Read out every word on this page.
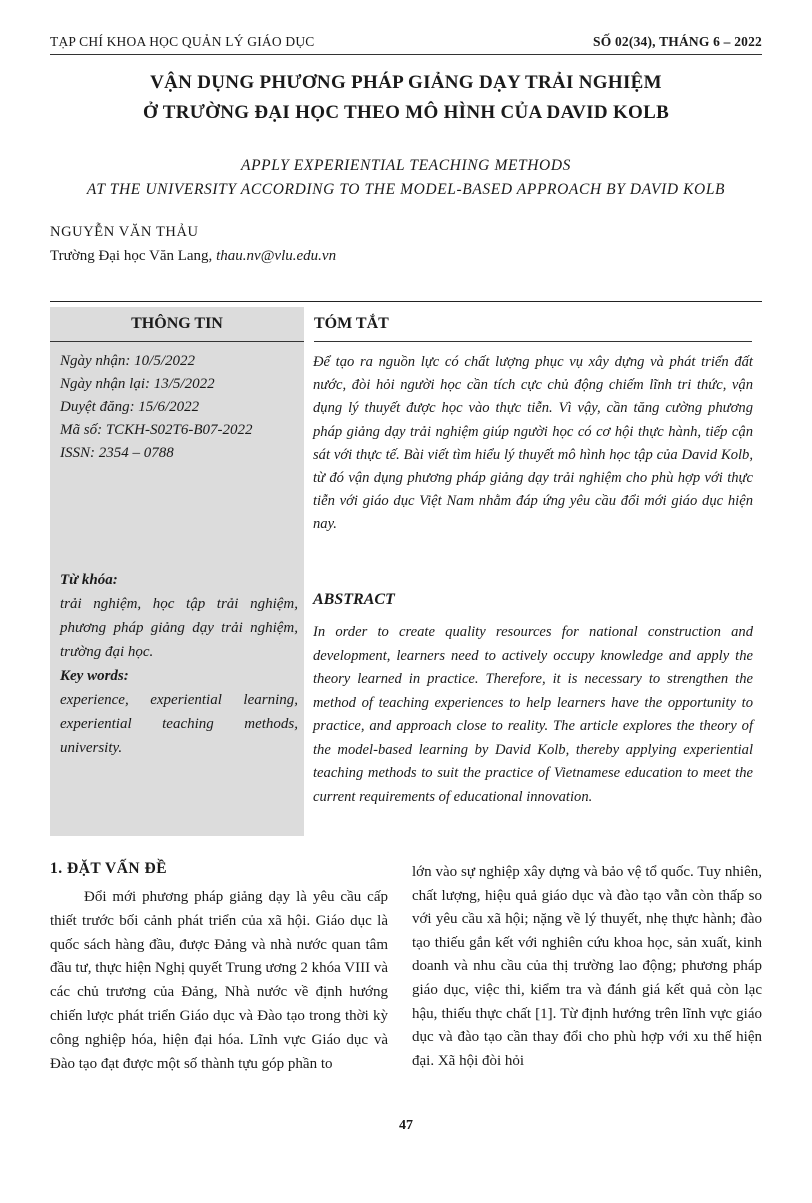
TẠP CHÍ KHOA HỌC QUẢN LÝ GIÁO DỤC	SỐ 02(34), THÁNG 6 – 2022
VẬN DỤNG PHƯƠNG PHÁP GIẢNG DẠY TRẢI NGHIỆM
Ở TRƯỜNG ĐẠI HỌC THEO MÔ HÌNH CỦA DAVID KOLB
APPLY EXPERIENTIAL TEACHING METHODS
AT THE UNIVERSITY ACCORDING TO THE MODEL-BASED APPROACH BY DAVID KOLB
NGUYỄN VĂN THẢU
Trường Đại học Văn Lang, thau.nv@vlu.edu.vn
THÔNG TIN	TÓM TẮT
Ngày nhận: 10/5/2022
Ngày nhận lại: 13/5/2022
Duyệt đăng: 15/6/2022
Mã số: TCKH-S02T6-B07-2022
ISSN: 2354 – 0788
Từ khóa:
trải nghiệm, học tập trải nghiệm, phương pháp giảng dạy trải nghiệm, trường đại học.
Key words:
experience, experiential learning, experiential teaching methods, university.
Để tạo ra nguồn lực có chất lượng phục vụ xây dựng và phát triển đất nước, đòi hỏi người học cần tích cực chủ động chiếm lĩnh tri thức, vận dụng lý thuyết được học vào thực tiễn. Vì vậy, cần tăng cường phương pháp giảng dạy trải nghiệm giúp người học có cơ hội thực hành, tiếp cận sát với thực tế. Bài viết tìm hiểu lý thuyết mô hình học tập của David Kolb, từ đó vận dụng phương pháp giảng dạy trải nghiệm cho phù hợp với thực tiễn với giáo dục Việt Nam nhằm đáp ứng yêu cầu đổi mới giáo dục hiện nay.
ABSTRACT
In order to create quality resources for national construction and development, learners need to actively occupy knowledge and apply the theory learned in practice. Therefore, it is necessary to strengthen the method of teaching experiences to help learners have the opportunity to practice, and approach close to reality. The article explores the theory of the model-based learning by David Kolb, thereby applying experiential teaching methods to suit the practice of Vietnamese education to meet the current requirements of educational innovation.
1. ĐẶT VẤN ĐỀ

Đổi mới phương pháp giảng dạy là yêu cầu cấp thiết trước bối cảnh phát triển của xã hội. Giáo dục là quốc sách hàng đầu, được Đảng và nhà nước quan tâm đầu tư, thực hiện Nghị quyết Trung ương 2 khóa VIII và các chủ trương của Đảng, Nhà nước về định hướng chiến lược phát triển Giáo dục và Đào tạo trong thời kỳ công nghiệp hóa, hiện đại hóa. Lĩnh vực Giáo dục và Đào tạo đạt được một số thành tựu góp phần to

lớn vào sự nghiệp xây dựng và bảo vệ tổ quốc. Tuy nhiên, chất lượng, hiệu quả giáo dục và đào tạo vẫn còn thấp so với yêu cầu xã hội; nặng về lý thuyết, nhẹ thực hành; đào tạo thiếu gắn kết với nghiên cứu khoa học, sản xuất, kinh doanh và nhu cầu của thị trường lao động; phương pháp giáo dục, việc thi, kiểm tra và đánh giá kết quả còn lạc hậu, thiếu thực chất [1]. Từ định hướng trên lĩnh vực giáo dục và đào tạo cần thay đổi cho phù hợp với xu thế hiện đại. Xã hội đòi hỏi
47
